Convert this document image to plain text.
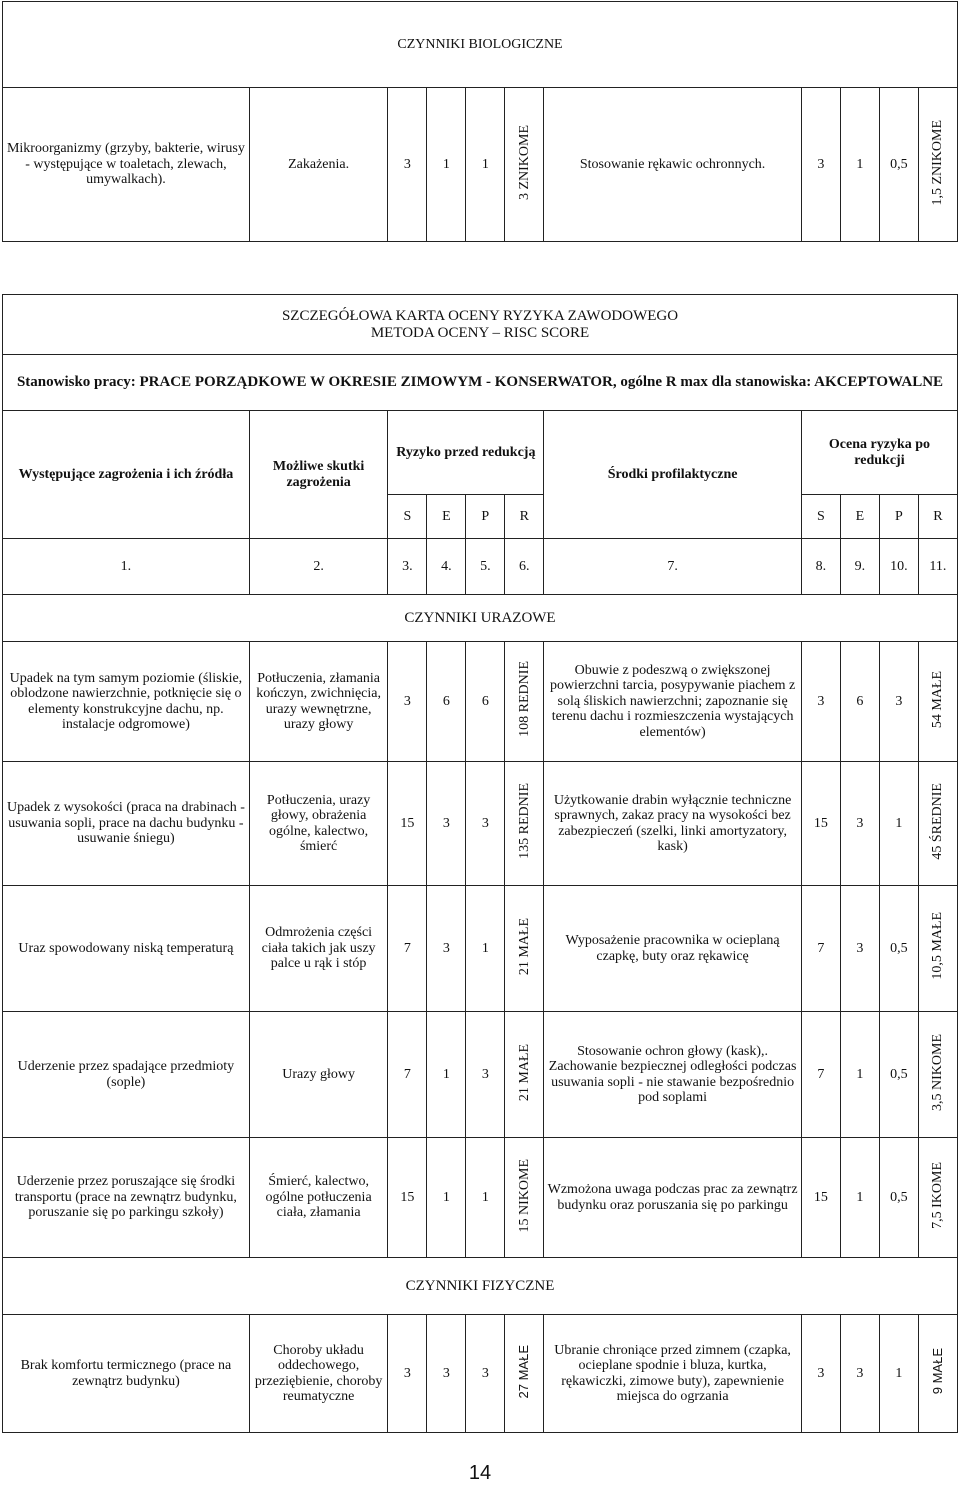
CZYNNIKI BIOLOGICZNE
Mikroorganizmy (grzyby, bakterie, wirusy - występujące w toaletach, zlewach, umywalkach).	Zakażenia.	3	1	1	3 ZNIKOME	Stosowanie rękawic ochronnych.	3	1	0,5	1,5 ZNIKOME
SZCZEGÓŁOWA KARTA OCENY RYZYKA ZAWODOWEGO
METODA OCENY – RISC SCORE										

Stanowisko pracy: PRACE PORZĄDKOWE W OKRESIE ZIMOWYM - KONSERWATOR, ogólne R max dla stanowiska: AKCEPTOWALNE										
Występujące zagrożenia i ich źródła	Możliwe skutki zagrożenia	Ryzyko przed redukcją				Środki profilaktyczne	Ocena ryzyka po redukcji			
		S	E	P	R		S	E	P	R
1.	2.	3.	4.	5.	6.	7.	8.	9.	10.	11.
CZYNNIKI URAZOWE										
Upadek na tym samym poziomie (śliskie, oblodzone nawierzchnie, potknięcie się o elementy konstrukcyjne dachu, np. instalacje odgromowe)	Potłuczenia, złamania kończyn, zwichnięcia, urazy wewnętrzne, urazy głowy	3	6	6	108 REDNIE	Obuwie z podeszwą o zwiększonej powierzchni tarcia, posypywanie piachem z solą śliskich nawierzchni; zapoznanie się terenu dachu i rozmieszczenia wystających elementów)	3	6	3	54 MAŁE
Upadek z wysokości (praca na drabinach - usuwania sopli, prace na dachu budynku - usuwanie śniegu)	Potłuczenia, urazy głowy, obrażenia ogólne, kalectwo, śmierć	15	3	3	135 REDNIE	Użytkowanie drabin wyłącznie techniczne sprawnych, zakaz pracy na wysokości bez zabezpieczeń (szelki, linki amortyzatory, kask)	15	3	1	45 ŚREDNIE
Uraz spowodowany niską temperaturą	Odmrożenia części ciała takich jak uszy palce u rąk i stóp	7	3	1	21 MAŁE	Wyposażenie pracownika w ocieplaną czapkę, buty oraz rękawicę	7	3	0,5	10,5 MAŁE
Uderzenie przez spadające przedmioty (sople)	Urazy głowy	7	1	3	21 MAŁE	Stosowanie ochron głowy (kask),. Zachowanie bezpiecznej odległości podczas usuwania sopli - nie stawanie bezpośrednio pod soplami	7	1	0,5	3,5 NIKOME
Uderzenie przez poruszające się środki transportu (prace na zewnątrz budynku, poruszanie się po parkingu szkoły)	Śmierć, kalectwo, ogólne potłuczenia ciała, złamania	15	1	1	15 NIKOME	Wzmożona uwaga podczas prac za zewnątrz budynku oraz poruszania się po parkingu	15	1	0,5	7,5 IKOME
CZYNNIKI FIZYCZNE										
Brak komfortu termicznego (prace na zewnątrz budynku)	Choroby układu oddechowego, przeziębienie, choroby reumatyczne	3	3	3	27 MAŁE	Ubranie chroniące przed zimnem (czapka, ocieplane spodnie i bluza, kurtka, rękawiczki, zimowe buty), zapewnienie miejsca do ogrzania	3	3	1	9 MAŁE
14
